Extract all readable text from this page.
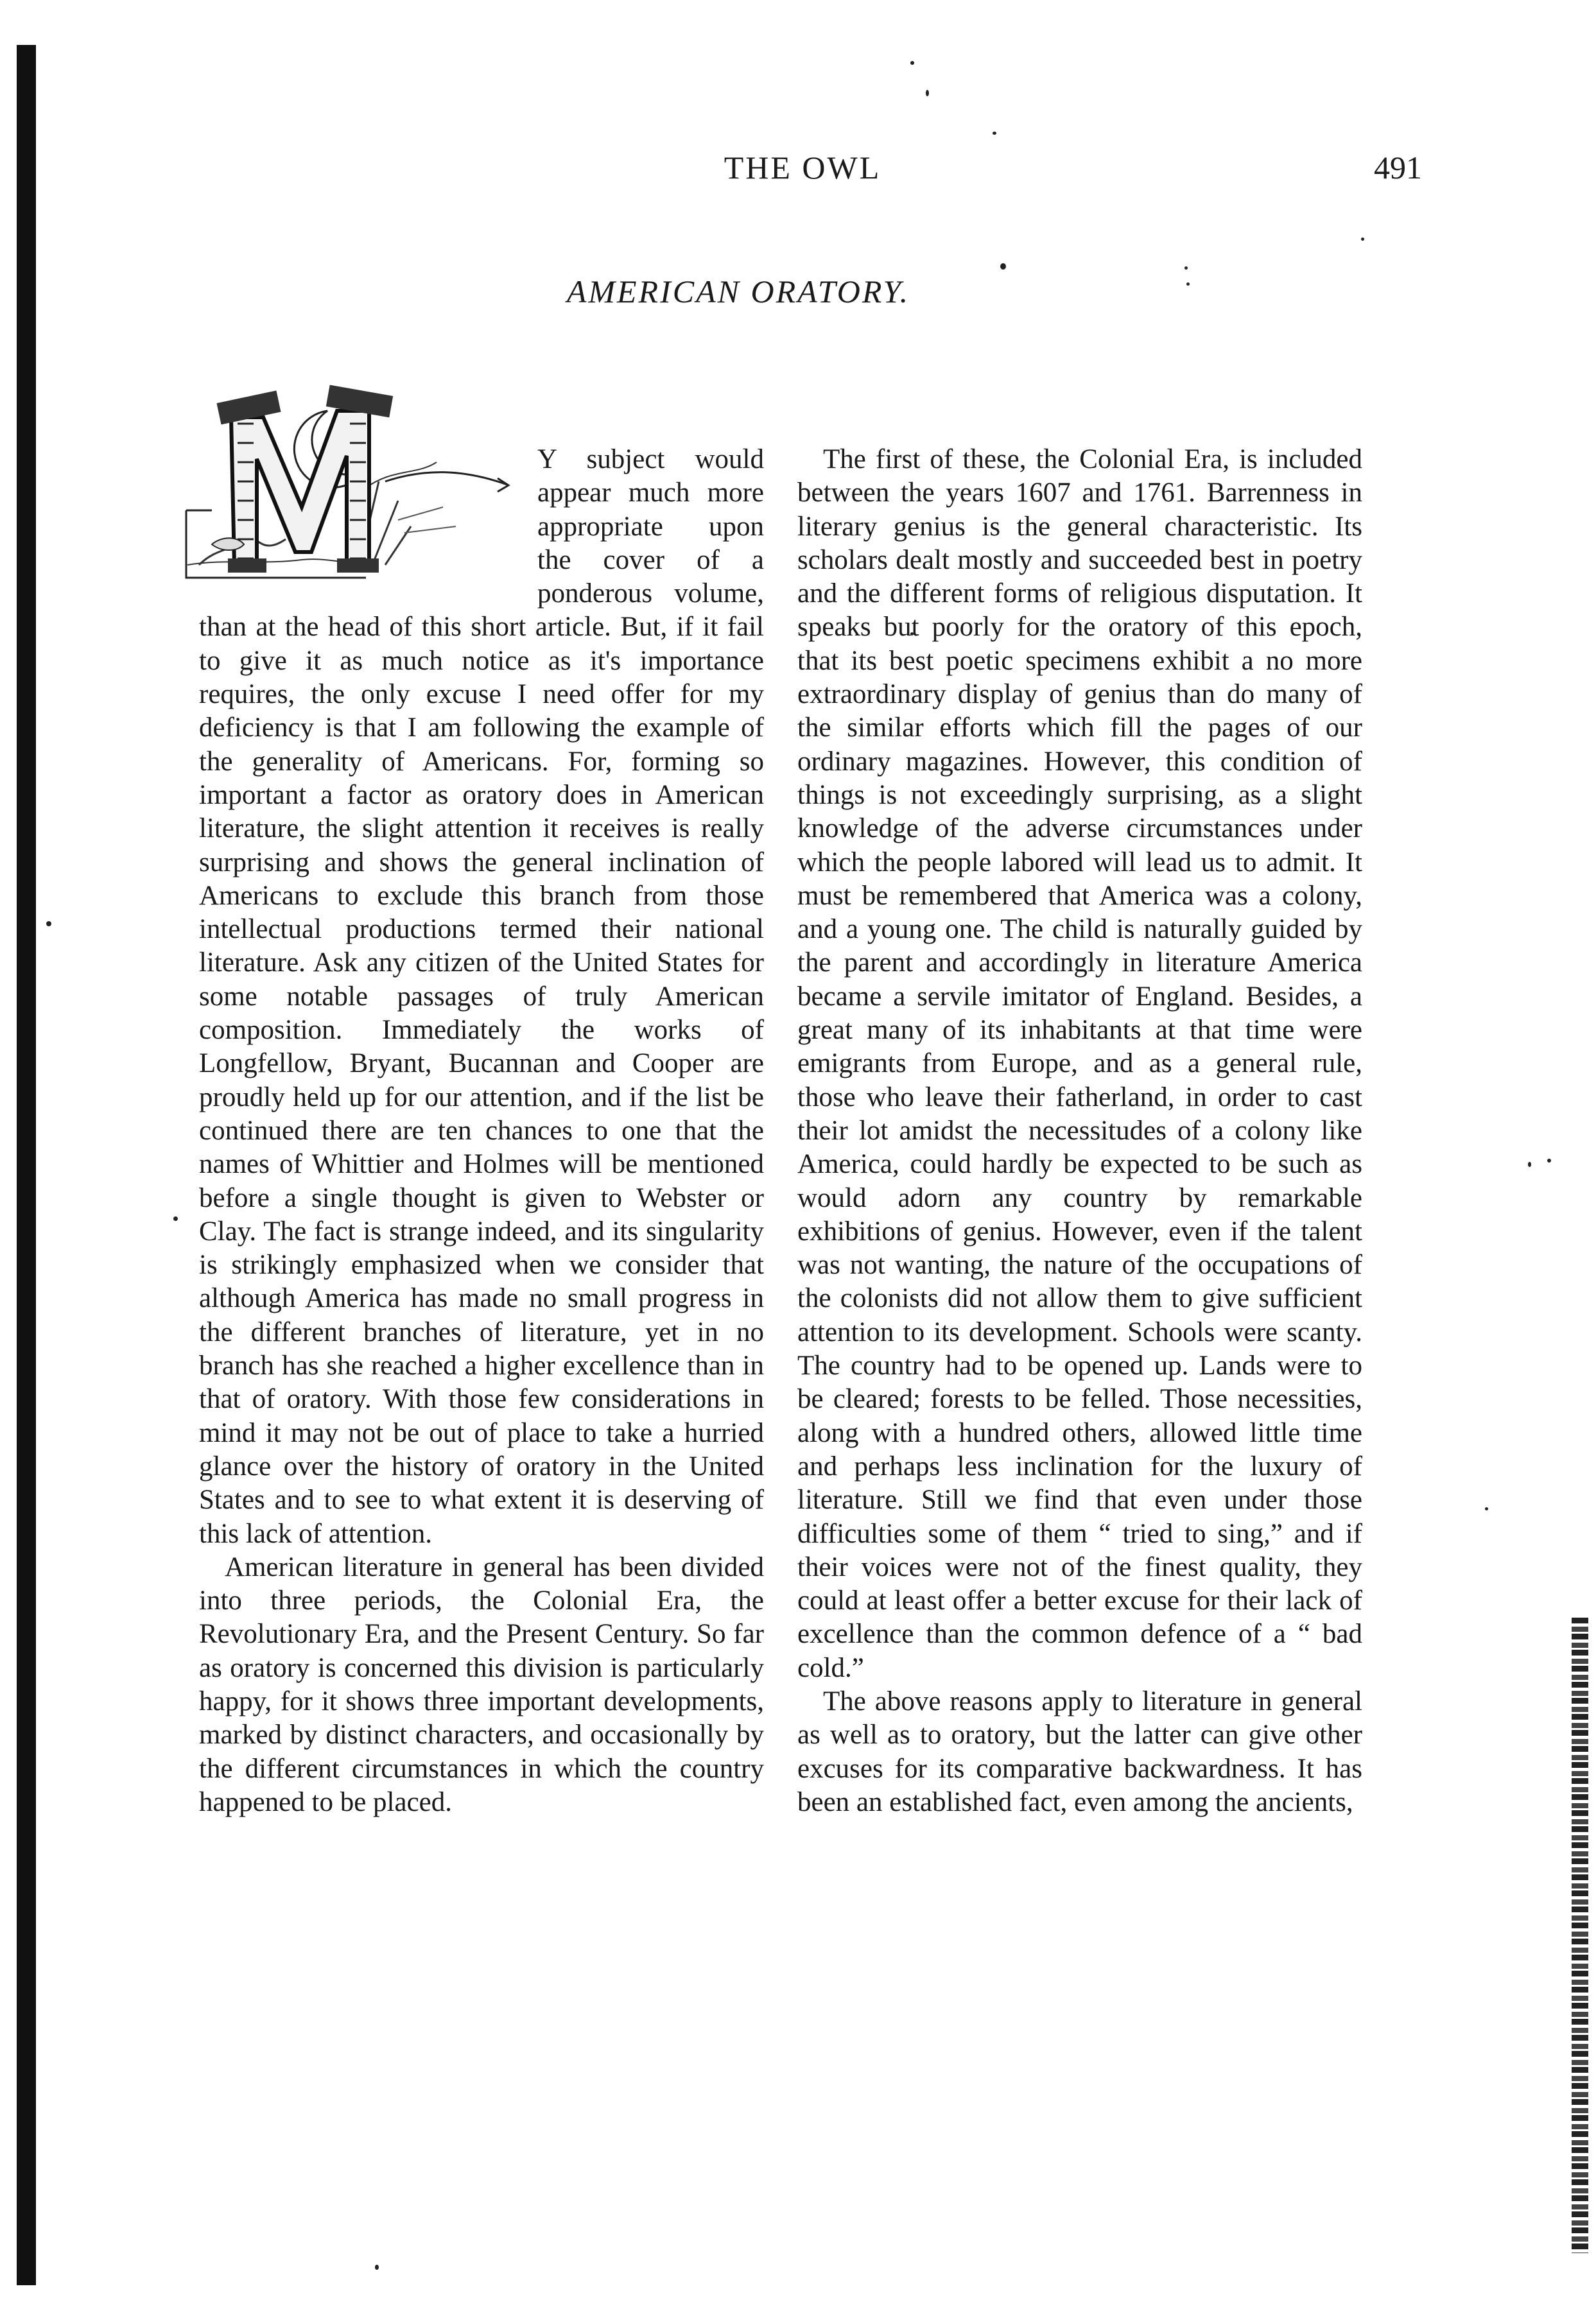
THE OWL	491
AMERICAN ORATORY.

Y subject would appear much more appropriate upon the cover of a ponderous volume, than at the head of this short article. But, if it fail to give it as much notice as it's importance requires, the only excuse I need offer for my deficiency is that I am following the example of the generality of Americans. For, forming so important a factor as oratory does in American literature, the slight attention it receives is really surprising and shows the general inclination of Americans to exclude this branch from those intellectual productions termed their national literature. Ask any citizen of the United States for some notable passages of truly American composition. Immediately the works of Longfellow, Bryant, Bucannan and Cooper are proudly held up for our attention, and if the list be continued there are ten chances to one that the names of Whittier and Holmes will be mentioned before a single thought is given to Webster or Clay. The fact is strange indeed, and its singularity is strikingly emphasized when we consider that although America has made no small progress in the different branches of literature, yet in no branch has she reached a higher excellence than in that of oratory. With those few considerations in mind it may not be out of place to take a hurried glance over the history of oratory in the United States and to see to what extent it is deserving of this lack of attention.

American literature in general has been divided into three periods, the Colonial Era, the Revolutionary Era, and the Present Century. So far as oratory is concerned this division is particularly happy, for it shows three important developments, marked by distinct characters, and occasionally by the different circumstances in which the country happened to be placed.

The first of these, the Colonial Era, is included between the years 1607 and 1761. Barrenness in literary genius is the general characteristic. Its scholars dealt mostly and succeeded best in poetry and the different forms of religious disputation. It speaks but poorly for the oratory of this epoch, that its best poetic specimens exhibit a no more extraordinary display of genius than do many of the similar efforts which fill the pages of our ordinary magazines. However, this condition of things is not exceedingly surprising, as a slight knowledge of the adverse circumstances under which the people labored will lead us to admit. It must be remembered that America was a colony, and a young one. The child is naturally guided by the parent and accordingly in literature America became a servile imitator of England. Besides, a great many of its inhabitants at that time were emigrants from Europe, and as a general rule, those who leave their fatherland, in order to cast their lot amidst the necessitudes of a colony like America, could hardly be expected to be such as would adorn any country by remarkable exhibitions of genius. However, even if the talent was not wanting, the nature of the occupations of the colonists did not allow them to give sufficient attention to its development. Schools were scanty. The country had to be opened up. Lands were to be cleared; forests to be felled. Those necessities, along with a hundred others, allowed little time and perhaps less inclination for the luxury of literature. Still we find that even under those difficulties some of them “ tried to sing,” and if their voices were not of the finest quality, they could at least offer a better excuse for their lack of excellence than the common defence of a “ bad cold.”

The above reasons apply to literature in general as well as to oratory, but the latter can give other excuses for its comparative backwardness. It has been an established fact, even among the ancients,
